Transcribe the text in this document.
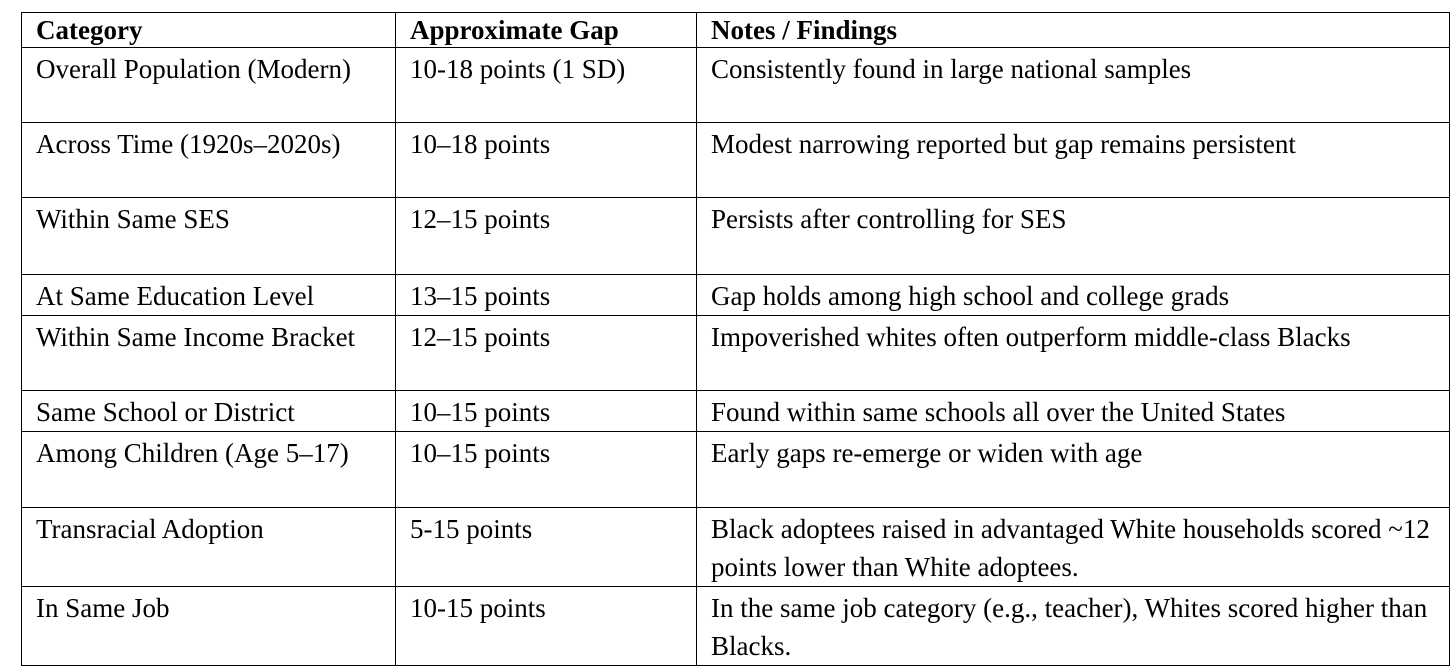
Category	Approximate Gap	Notes / Findings
Overall Population (Modern)	10-18 points (1 SD)	Consistently found in large national samples
Across Time (1920s–2020s)	10–18 points	Modest narrowing reported but gap remains persistent
Within Same SES	12–15 points	Persists after controlling for SES
At Same Education Level	13–15 points	Gap holds among high school and college grads
Within Same Income Bracket	12–15 points	Impoverished whites often outperform middle-class Blacks
Same School or District	10–15 points	Found within same schools all over the United States
Among Children (Age 5–17)	10–15 points	Early gaps re-emerge or widen with age
Transracial Adoption	5-15 points	Black adoptees raised in advantaged White households scored ~12 points lower than White adoptees.
In Same Job	10-15 points	In the same job category (e.g., teacher), Whites scored higher than Blacks.
